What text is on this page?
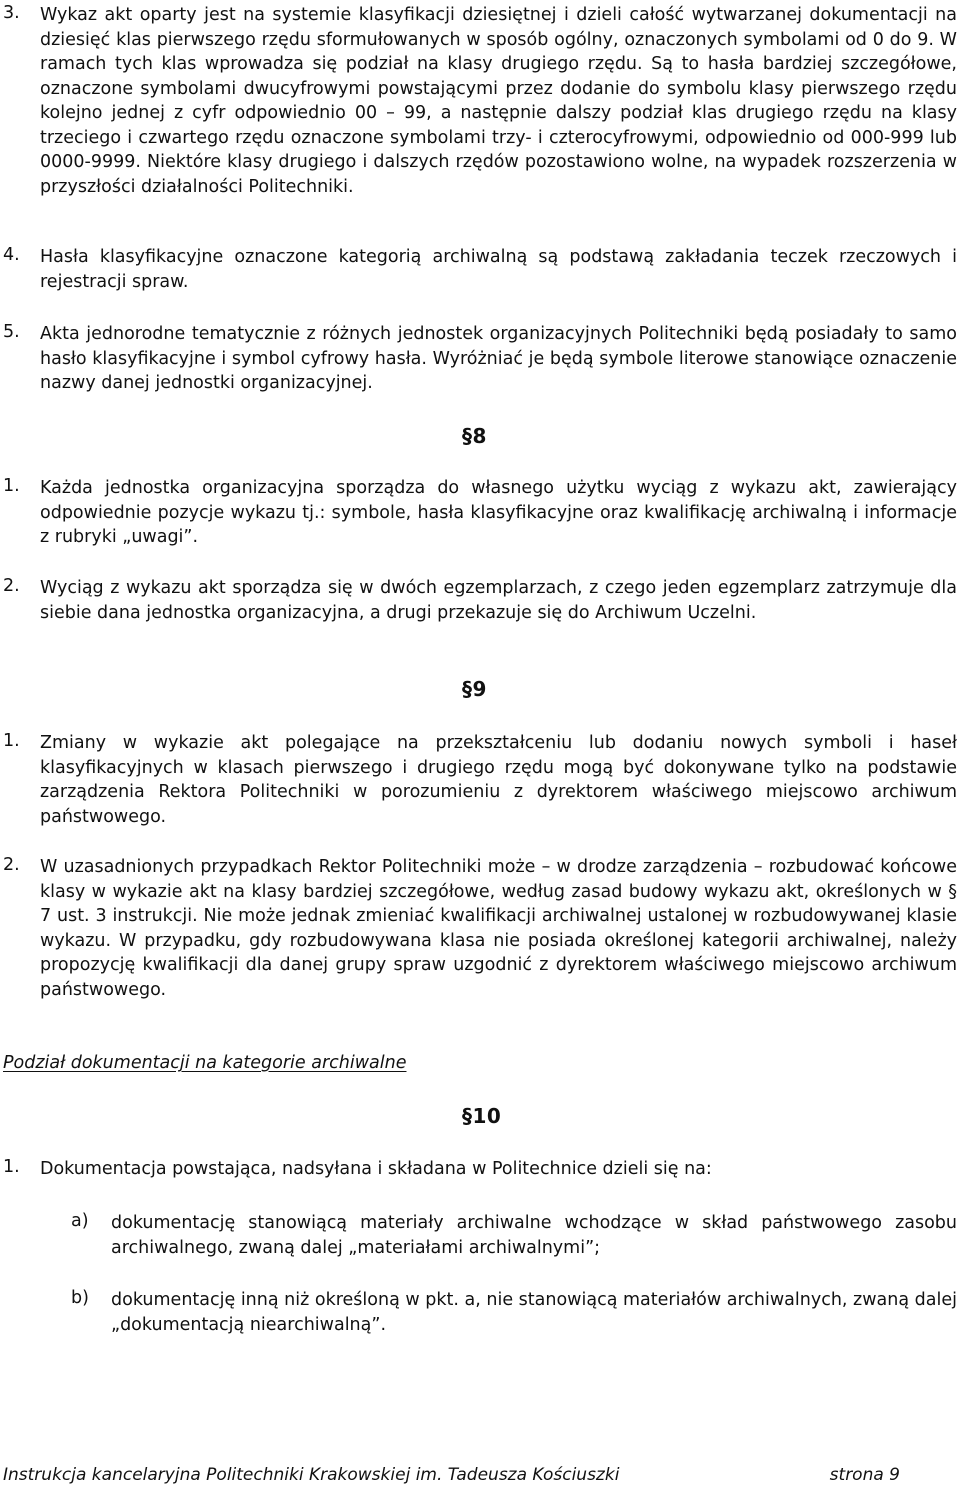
3. Wykaz akt oparty jest na systemie klasyfikacji dziesiętnej i dzieli całość wytwarzanej dokumentacji na dziesięć klas pierwszego rzędu sformułowanych w sposób ogólny, oznaczonych symbolami od 0 do 9. W ramach tych klas wprowadza się podział na klasy drugiego rzędu. Są to hasła bardziej szczegółowe, oznaczone symbolami dwucyfrowymi powstającymi przez dodanie do symbolu klasy pierwszego rzędu kolejno jednej z cyfr odpowiednio 00 – 99, a następnie dalszy podział klas drugiego rzędu na klasy trzeciego i czwartego rzędu oznaczone symbolami trzy- i czterocyfrowymi, odpowiednio od 000-999 lub 0000-9999. Niektóre klasy drugiego i dalszych rzędów pozostawiono wolne, na wypadek rozszerzenia w przyszłości działalności Politechniki.

4. Hasła klasyfikacyjne oznaczone kategorią archiwalną są podstawą zakładania teczek rzeczowych i rejestracji spraw.

5. Akta jednorodne tematycznie z różnych jednostek organizacyjnych Politechniki będą posiadały to samo hasło klasyfikacyjne i symbol cyfrowy hasła. Wyróżniać je będą symbole literowe stanowiące oznaczenie nazwy danej jednostki organizacyjnej.

§8
1. Każda jednostka organizacyjna sporządza do własnego użytku wyciąg z wykazu akt, zawierający odpowiednie pozycje wykazu tj.: symbole, hasła klasyfikacyjne oraz kwalifikację archiwalną i informacje z rubryki „uwagi”.

2. Wyciąg z wykazu akt sporządza się w dwóch egzemplarzach, z czego jeden egzemplarz zatrzymuje dla siebie dana jednostka organizacyjna, a drugi przekazuje się do Archiwum Uczelni.

§9
1. Zmiany w wykazie akt polegające na przekształceniu lub dodaniu nowych symboli i haseł klasyfikacyjnych w klasach pierwszego i drugiego rzędu mogą być dokonywane tylko na podstawie zarządzenia Rektora Politechniki w porozumieniu z dyrektorem właściwego miejscowo archiwum państwowego.

2. W uzasadnionych przypadkach Rektor Politechniki może – w drodze zarządzenia – rozbudować końcowe klasy w wykazie akt na klasy bardziej szczegółowe, według zasad budowy wykazu akt, określonych w § 7 ust. 3 instrukcji. Nie może jednak zmieniać kwalifikacji archiwalnej ustalonej w rozbudowywanej klasie wykazu. W przypadku, gdy rozbudowywana klasa nie posiada określonej kategorii archiwalnej, należy propozycję kwalifikacji dla danej grupy spraw uzgodnić z dyrektorem właściwego miejscowo archiwum państwowego.

Podział dokumentacji na kategorie archiwalne
§10
1. Dokumentacja powstająca, nadsyłana i składana w Politechnice dzieli się na:

a) dokumentację stanowiącą materiały archiwalne wchodzące w skład państwowego zasobu archiwalnego, zwaną dalej „materiałami archiwalnymi”;

b) dokumentację inną niż określoną w pkt. a, nie stanowiącą materiałów archiwalnych, zwaną dalej „dokumentacją niearchiwalną”.

Instrukcja kancelaryjna Politechniki Krakowskiej im. Tadeusza Kościuszki	strona 9
